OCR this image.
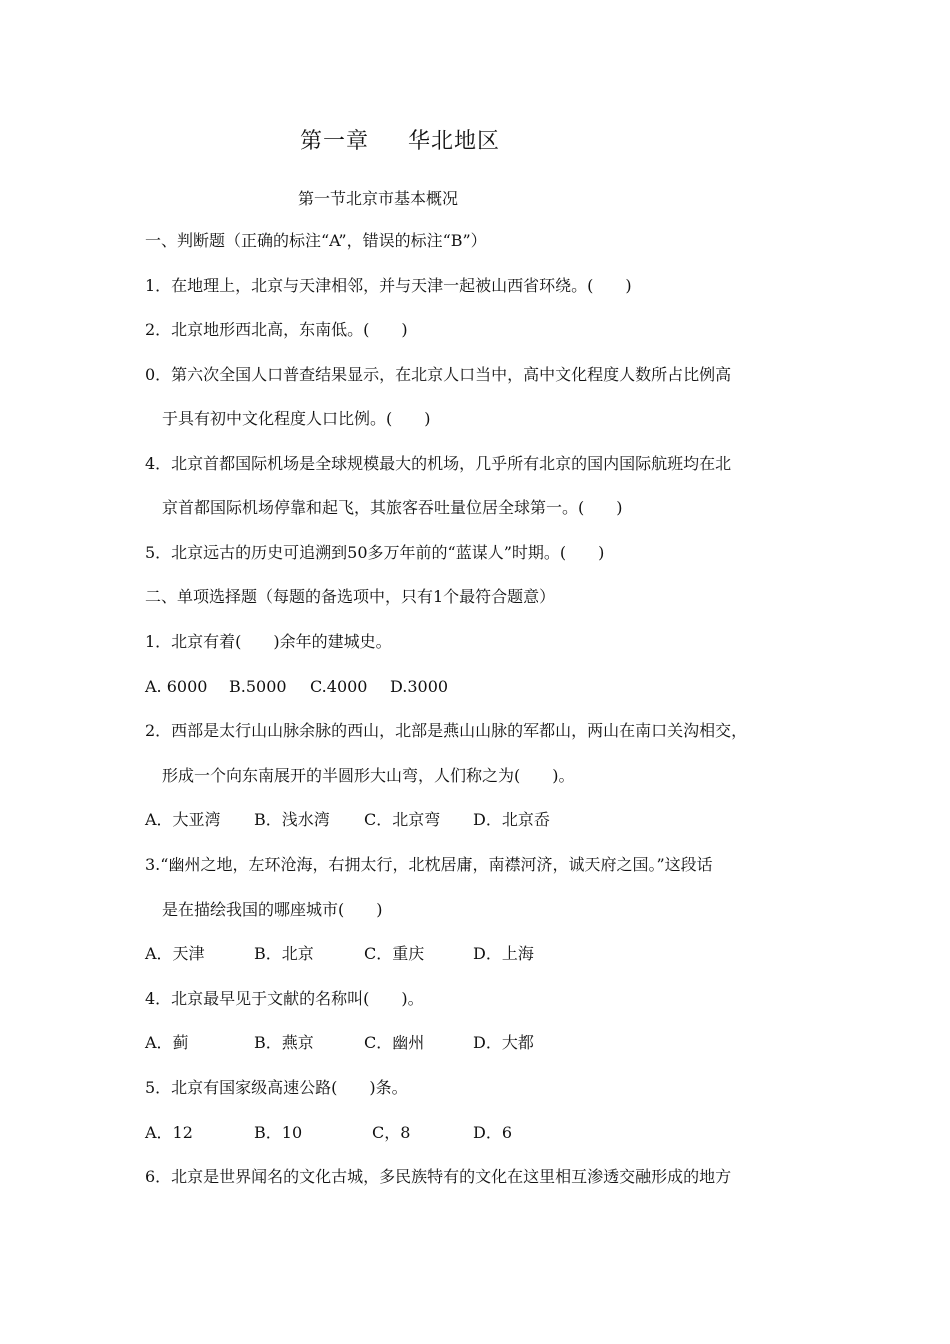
第一章　  华北地区
第一节北京市基本概况
一、判断题（正确的标注“A”，错误的标注“B”）
1．在地理上，北京与天津相邻，并与天津一起被山西省环绕。(　　)
2．北京地形西北高，东南低。(　　)
0．第六次全国人口普查结果显示，在北京人口当中，高中文化程度人数所占比例高
于具有初中文化程度人口比例。(　　)
4．北京首都国际机场是全球规模最大的机场，几乎所有北京的国内国际航班均在北
京首都国际机场停靠和起飞，其旅客吞吐量位居全球第一。(　　)
5．北京远古的历史可追溯到50多万年前的“蓝谋人”时期。(　　)
二、单项选择题（每题的备选项中，只有1个最符合题意）
1．北京有着(　　)余年的建城史。

A. 6000

B.5000

C.4000

D.3000

2．西部是太行山山脉余脉的西山，北部是燕山山脉的军都山，两山在南口关沟相交，
形成一个向东南展开的半圆形大山弯，人们称之为(　　)。

A．大亚湾

B．浅水湾

C．北京弯

D．北京岙

3.“幽州之地，左环沧海，右拥太行，北枕居庸，南襟河济，诚天府之国。”这段话
是在描绘我国的哪座城市(　　)

A．天津

	B．北京

	C．重庆

	D．上海

4．北京最早见于文献的名称叫(　　)。

A．蓟

	B．燕京

	C．幽州

	D．大都

5．北京有国家级高速公路(　　)条。

A．12

	B．10

	C，8

	D．6

6．北京是世界闻名的文化古城，多民族特有的文化在这里相互渗透交融形成的地方
